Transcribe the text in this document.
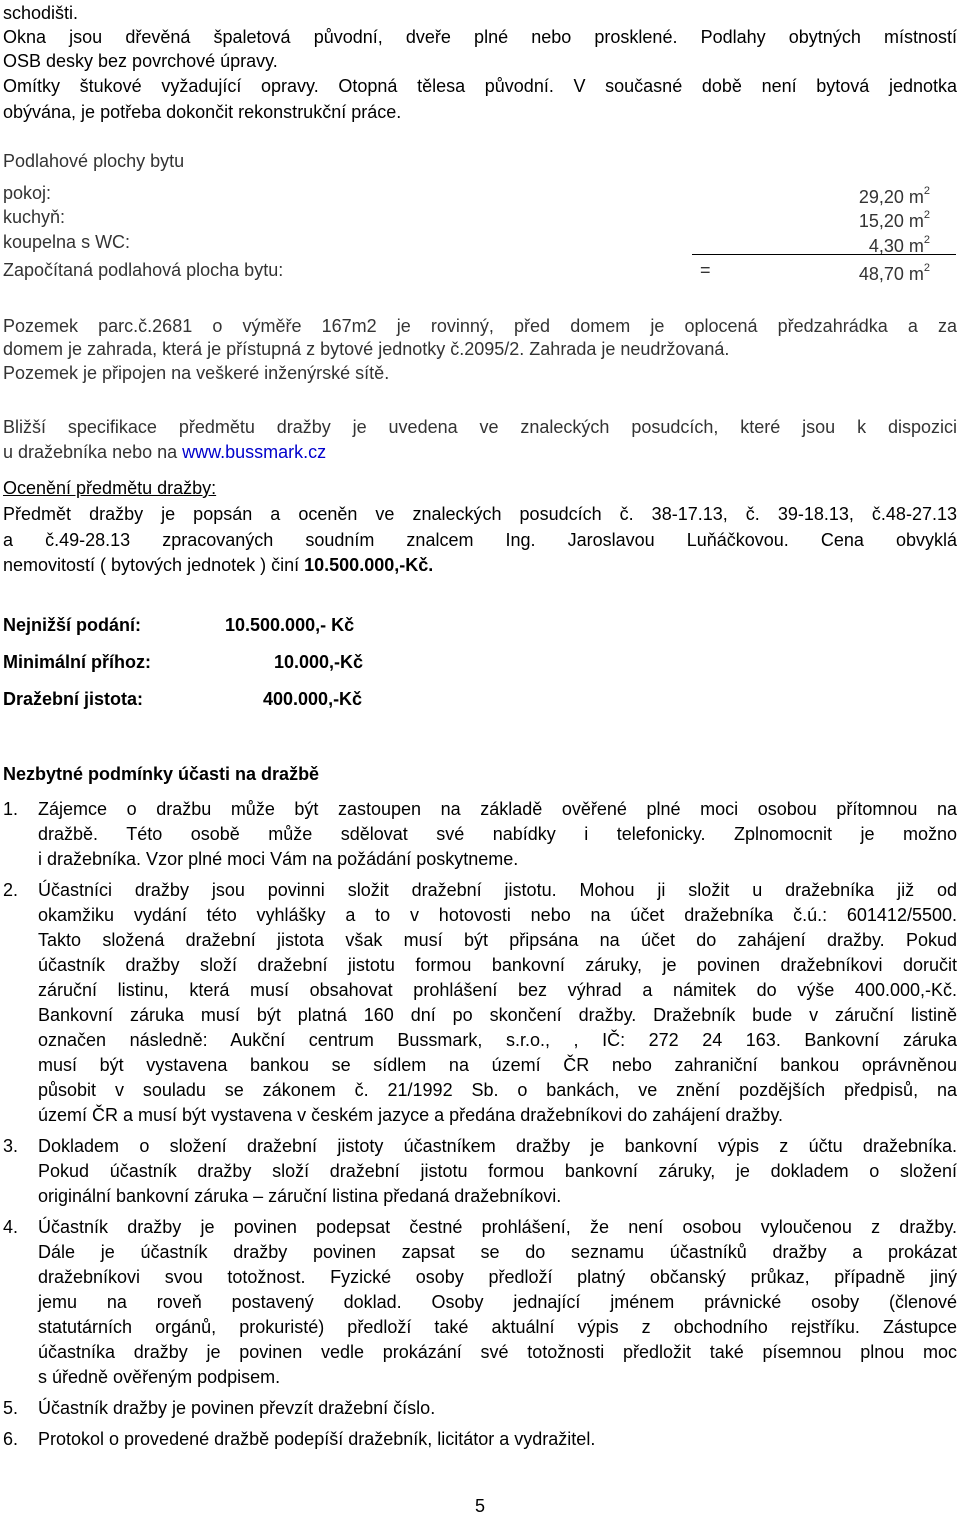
schodišti.
Okna jsou dřevěná špaletová původní, dveře plné nebo prosklené. Podlahy obytných místností
OSB desky bez povrchové úpravy.
Omítky štukové vyžadující opravy. Otopná tělesa původní. V současné době není bytová jednotka
obývána, je potřeba dokončit rekonstrukční práce.
Podlahové plochy bytu
pokoj:	29,20 $m^2$
kuchyň:	15,20 $m^2$
koupelna s WC:	4,30 $m^2$
Započítaná podlahová plocha bytu:	=	48,70 $m^2$
Pozemek parc.č.2681 o výměře 167m2 je rovinný, před domem je oplocená předzahrádka a za
domem je zahrada, která je přístupná z bytové jednotky č.2095/2. Zahrada je neudržovaná.
Pozemek je připojen na veškeré inženýrské sítě.
Bližší specifikace předmětu dražby je uvedena ve znaleckých posudcích, které jsou k dispozici
u dražebníka nebo na www.bussmark.cz
Ocenění předmětu dražby:
Předmět dražby je popsán a oceněn ve znaleckých posudcích č. 38-17.13, č. 39-18.13, č.48-27.13
a č.49-28.13 zpracovaných soudním znalcem Ing. Jaroslavou Luňáčkovou. Cena obvyklá
nemovitostí ( bytových jednotek ) činí 10.500.000,-Kč.
Nejnižší podání:	10.500.000,- Kč
Minimální příhoz:	10.000,-Kč
Dražební jistota:	400.000,-Kč
Nezbytné podmínky účasti na dražbě
1. Zájemce o dražbu může být zastoupen na základě ověřené plné moci osobou přítomnou na
dražbě. Této osobě může sdělovat své nabídky i telefonicky. Zplnomocnit je možno
i dražebníka. Vzor plné moci Vám na požádání poskytneme.
2. Účastníci dražby jsou povinni složit dražební jistotu. Mohou ji složit u dražebníka již od
okamžiku vydání této vyhlášky a to v hotovosti nebo na účet dražebníka č.ú.: 601412/5500.
Takto složená dražební jistota však musí být připsána na účet do zahájení dražby. Pokud
účastník dražby složí dražební jistotu formou bankovní záruky, je povinen dražebníkovi doručit
záruční listinu, která musí obsahovat prohlášení bez výhrad a námitek do výše 400.000,-Kč.
Bankovní záruka musí být platná 160 dní po skončení dražby. Dražebník bude v záruční listině
označen následně: Aukční centrum Bussmark, s.r.o., , IČ: 272 24 163. Bankovní záruka
musí být vystavena bankou se sídlem na území ČR nebo zahraniční bankou oprávněnou
působit v souladu se zákonem č. 21/1992 Sb. o bankách, ve znění pozdějších předpisů, na
území ČR a musí být vystavena v českém jazyce a předána dražebníkovi do zahájení dražby.
3. Dokladem o složení dražební jistoty účastníkem dražby je bankovní výpis z účtu dražebníka.
Pokud účastník dražby složí dražební jistotu formou bankovní záruky, je dokladem o složení
originální bankovní záruka – záruční listina předaná dražebníkovi.
4. Účastník dražby je povinen podepsat čestné prohlášení, že není osobou vyloučenou z dražby.
Dále je účastník dražby povinen zapsat se do seznamu účastníků dražby a prokázat
dražebníkovi svou totožnost. Fyzické osoby předloží platný občanský průkaz, případně jiný
jemu na roveň postavený doklad. Osoby jednající jménem právnické osoby (členové
statutárních orgánů, prokuristé) předloží také aktuální výpis z obchodního rejstříku. Zástupce
účastníka dražby je povinen vedle prokázání své totožnosti předložit také písemnou plnou moc
s úředně ověřeným podpisem.
5. Účastník dražby je povinen převzít dražební číslo.
6. Protokol o provedené dražbě podepíší dražebník, licitátor a vydražitel.
5
